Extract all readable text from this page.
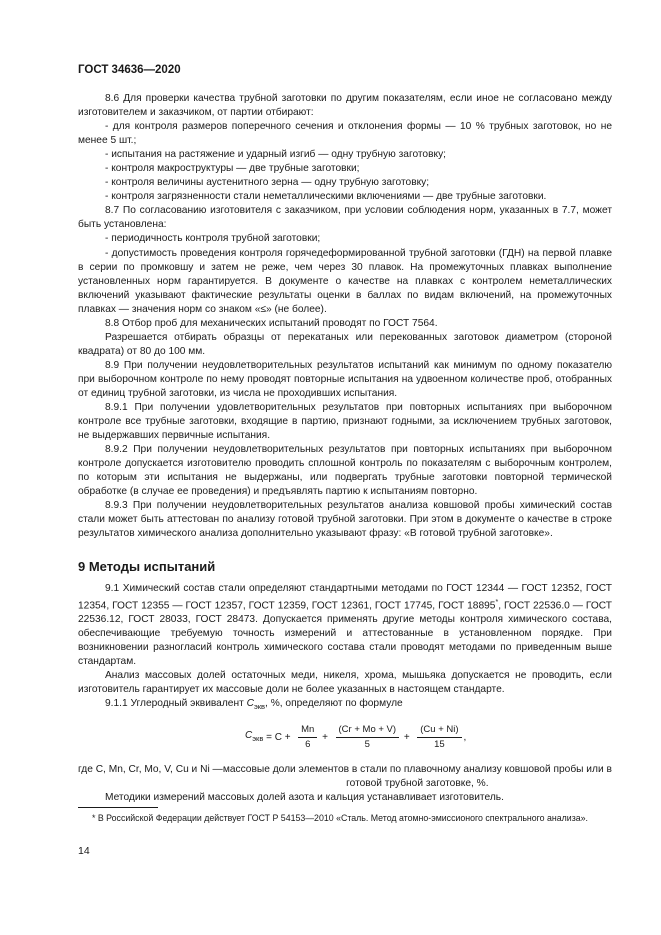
ГОСТ 34636—2020

8.6 Для проверки качества трубной заготовки по другим показателям, если иное не согласовано между изготовителем и заказчиком, от партии отбирают:

- для контроля размеров поперечного сечения и отклонения формы — 10 % трубных заготовок, но не менее 5 шт.;

- испытания на растяжение и ударный изгиб — одну трубную заготовку;

- контроля макроструктуры — две трубные заготовки;

- контроля величины аустенитного зерна — одну трубную заготовку;

- контроля загрязненности стали неметаллическими включениями — две трубные заготовки.

8.7 По согласованию изготовителя с заказчиком, при условии соблюдения норм, указанных в 7.7, может быть установлена:

- периодичность контроля трубной заготовки;

- допустимость проведения контроля горячедеформированной трубной заготовки (ГДН) на первой плавке в серии по промковшу и затем не реже, чем через 30 плавок. На промежуточных плавках выполнение установленных норм гарантируется. В документе о качестве на плавках с контролем неметаллических включений указывают фактические результаты оценки в баллах по видам включений, на промежуточных плавках — значения норм со знаком «≤» (не более).

8.8 Отбор проб для механических испытаний проводят по ГОСТ 7564.

Разрешается отбирать образцы от перекатаных или перекованных заготовок диаметром (стороной квадрата) от 80 до 100 мм.

8.9 При получении неудовлетворительных результатов испытаний как минимум по одному показателю при выборочном контроле по нему проводят повторные испытания на удвоенном количестве проб, отобранных от единиц трубной заготовки, из числа не проходивших испытания.

8.9.1 При получении удовлетворительных результатов при повторных испытаниях при выборочном контроле все трубные заготовки, входящие в партию, признают годными, за исключением трубных заготовок, не выдержавших первичные испытания.

8.9.2 При получении неудовлетворительных результатов при повторных испытаниях при выборочном контроле допускается изготовителю проводить сплошной контроль по показателям с выборочным контролем, по которым эти испытания не выдержаны, или подвергать трубные заготовки повторной термической обработке (в случае ее проведения) и предъявлять партию к испытаниям повторно.

8.9.3 При получении неудовлетворительных результатов анализа ковшовой пробы химический состав стали может быть аттестован по анализу готовой трубной заготовки. При этом в документе о качестве в строке результатов химического анализа дополнительно указывают фразу: «В готовой трубной заготовке».

9 Методы испытаний

9.1 Химический состав стали определяют стандартными методами по ГОСТ 12344 — ГОСТ 12352, ГОСТ 12354, ГОСТ 12355 — ГОСТ 12357, ГОСТ 12359, ГОСТ 12361, ГОСТ 17745, ГОСТ 18895*, ГОСТ 22536.0 — ГОСТ 22536.12, ГОСТ 28033, ГОСТ 28473. Допускается применять другие методы контроля химического состава, обеспечивающие требуемую точность измерений и аттестованные в установленном порядке. При возникновении разногласий контроль химического состава стали проводят методами по приведенным выше стандартам.

Анализ массовых долей остаточных меди, никеля, хрома, мышьяка допускается не проводить, если изготовитель гарантирует их массовые доли не более указанных в настоящем стандарте.

9.1.1 Углеродный эквивалент $C_{экв}$, %, определяют по формуле

$C_{экв} = C + \frac{Mn}{6} + \frac{(Cr + Mo + V)}{5} + \frac{(Cu + Ni)}{15}$ ,
где C, Mn, Cr, Mo, V, Cu и Ni — массовые доли элементов в стали по плавочному анализу ковшовой пробы или в готовой трубной заготовке, %.

Методики измерений массовых долей азота и кальция устанавливает изготовитель.

* В Российской Федерации действует ГОСТ Р 54153—2010 «Сталь. Метод атомно-эмиссионого спектрального анализа».
14
